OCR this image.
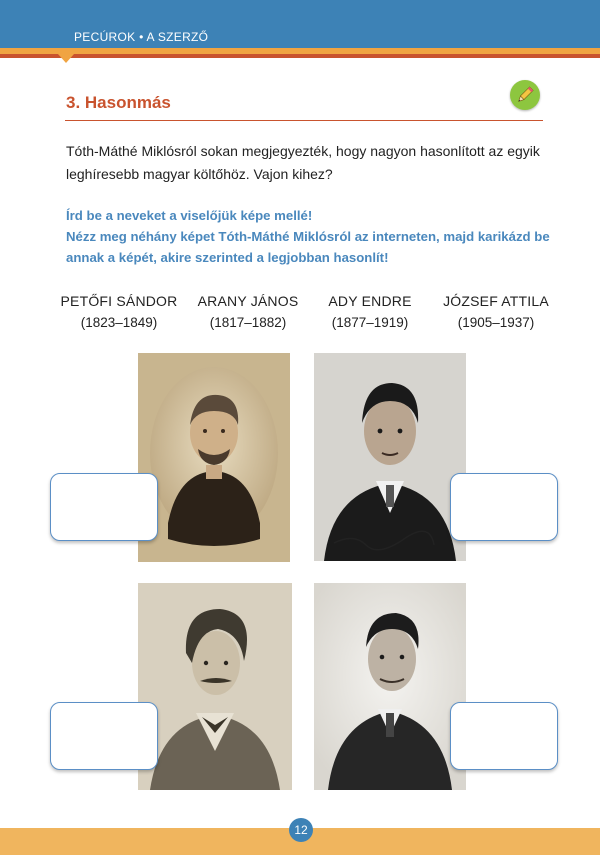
PECÚROK • A SZERZŐ
3. Hasonmás
Tóth-Máthé Miklósról sokan megjegyezték, hogy nagyon hasonlított az egyik leghíresebb magyar költőhöz. Vajon kihez?
Írd be a neveket a viselőjük képe mellé!
Nézz meg néhány képet Tóth-Máthé Miklósról az interneten, majd karikázd be
annak a képét, akire szerinted a legjobban hasonlít!
PETŐFI SÁNDOR
(1823–1849)
ARANY JÁNOS
(1817–1882)
ADY ENDRE
(1877–1919)
JÓZSEF ATTILA
(1905–1937)
12
